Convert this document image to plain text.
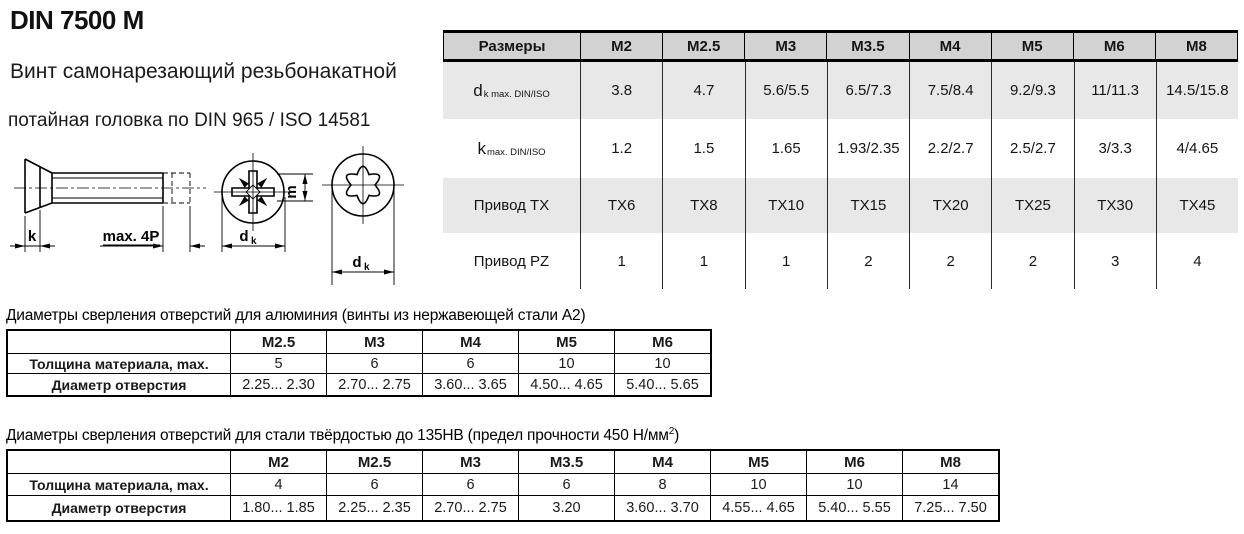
DIN 7500 M
Винт самонарезающий резьбонакатной
потайная головка по DIN 965 / ISO 14581
k	max. 4P
m
d k
d k
Размеры	M2	M2.5	M3	M3.5	M4	M5	M6	M8
d k max. DIN/ISO	3.8	4.7	5.6/5.5	6.5/7.3	7.5/8.4	9.2/9.3	11/11.3	14.5/15.8
k max. DIN/ISO	1.2	1.5	1.65	1.93/2.35	2.2/2.7	2.5/2.7	3/3.3	4/4.65
Привод TX	TX6	TX8	TX10	TX15	TX20	TX25	TX30	TX45
Привод PZ	1	1	1	2	2	2	3	4
Диаметры сверления отверстий для алюминия (винты из нержавеющей стали А2)
M2.5	M3	M4	M5	M6
Толщина материала, max.	5	6	6	10	10
Диаметр отверстия	2.25... 2.30	2.70... 2.75	3.60... 3.65	4.50... 4.65	5.40... 5.65
Диаметры сверления отверстий для стали твёрдостью до 135HB (предел прочности 450 $Н/мм^2$)
M2	M2.5	M3	M3.5	M4	M5	M6	M8
Толщина материала, max.	4	6	6	6	8	10	10	14
Диаметр отверстия	1.80... 1.85	2.25... 2.35	2.70... 2.75	3.20	3.60... 3.70	4.55... 4.65	5.40... 5.55	7.25... 7.50
